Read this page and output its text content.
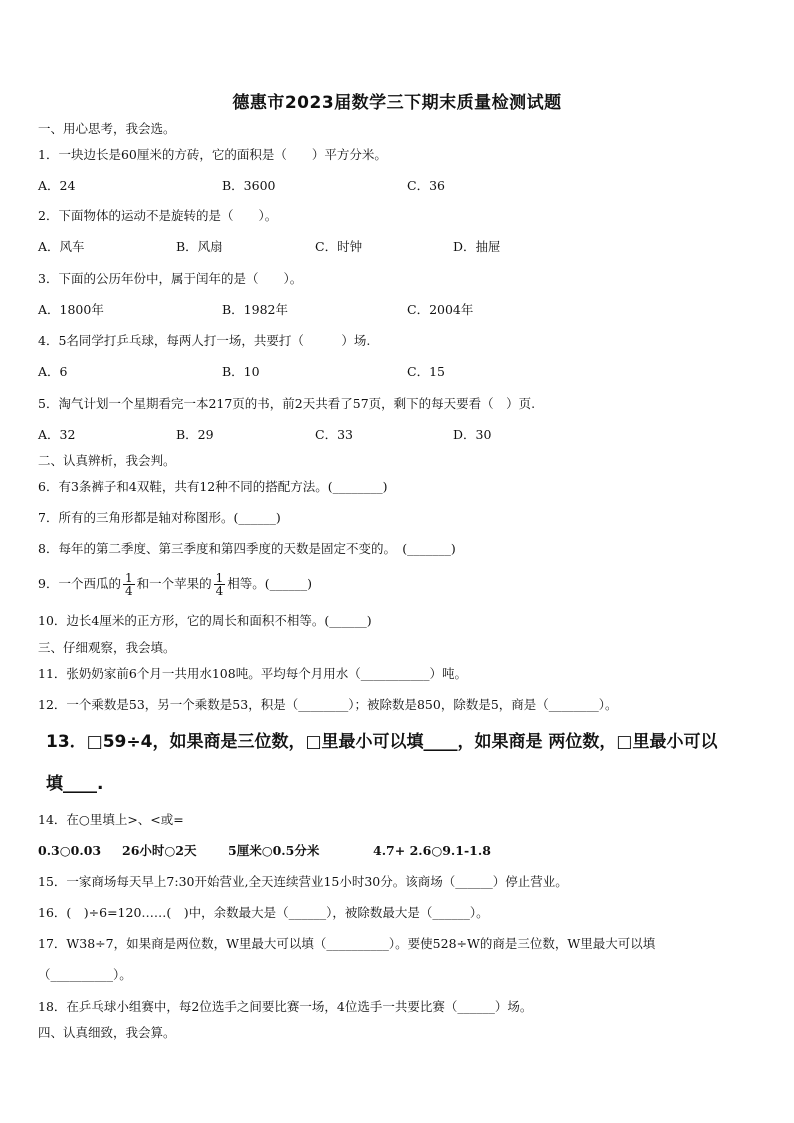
德惠市2023届数学三下期末质量检测试题
一、用心思考，我会选。
1．一块边长是60厘米的方砖，它的面积是（　　）平方分米。
A．24	B．3600	C．36
2．下面物体的运动不是旋转的是（　　）。
A．风车	B．风扇	C．时钟	D．抽屉
3．下面的公历年份中，属于闰年的是（　　）。
A．1800年	B．1982年	C．2004年
4．5名同学打乒乓球，每两人打一场，共要打（　　　）场.
A．6	B．10	C．15
5．淘气计划一个星期看完一本217页的书，前2天共看了57页，剩下的每天要看（　）页.
A．32	B．29	C．33	D．30
二、认真辨析，我会判。
6．有3条裤子和4双鞋，共有12种不同的搭配方法。(________)
7．所有的三角形都是轴对称图形。(______)
8．每年的第二季度、第三季度和第四季度的天数是固定不变的。　(_______)
9．一个西瓜的 $\frac{1}{4}$ 和一个苹果的 $\frac{1}{4}$ 相等。(______)
10．边长4厘米的正方形，它的周长和面积不相等。(______)
三、仔细观察，我会填。
11．张奶奶家前6个月一共用水108吨。平均每个月用水（___________）吨。
12．一个乘数是53，另一个乘数是53，积是（________）；被除数是850，除数是5，商是（________）。
13．□59÷4，如果商是三位数，□里最小可以填____，如果商是 两位数，□里最小可以
填____.
14．在○里填上>、<或=
0.3○0.03 26小时○2天	5厘米○0.5分米	4.7+ 2.6○9.1-1.8
15．一家商场每天早上7:30开始营业,全天连续营业15小时30分。该商场（______）停止营业。
16．(　)÷6=120……(　)中，余数最大是（______），被除数最大是（______）。
17．W38÷7，如果商是两位数，W里最大可以填（__________）。要使528÷W的商是三位数，W里最大可以填
（__________）。
18．在乒乓球小组赛中，每2位选手之间要比赛一场，4位选手一共要比赛（______）场。
四、认真细致，我会算。
